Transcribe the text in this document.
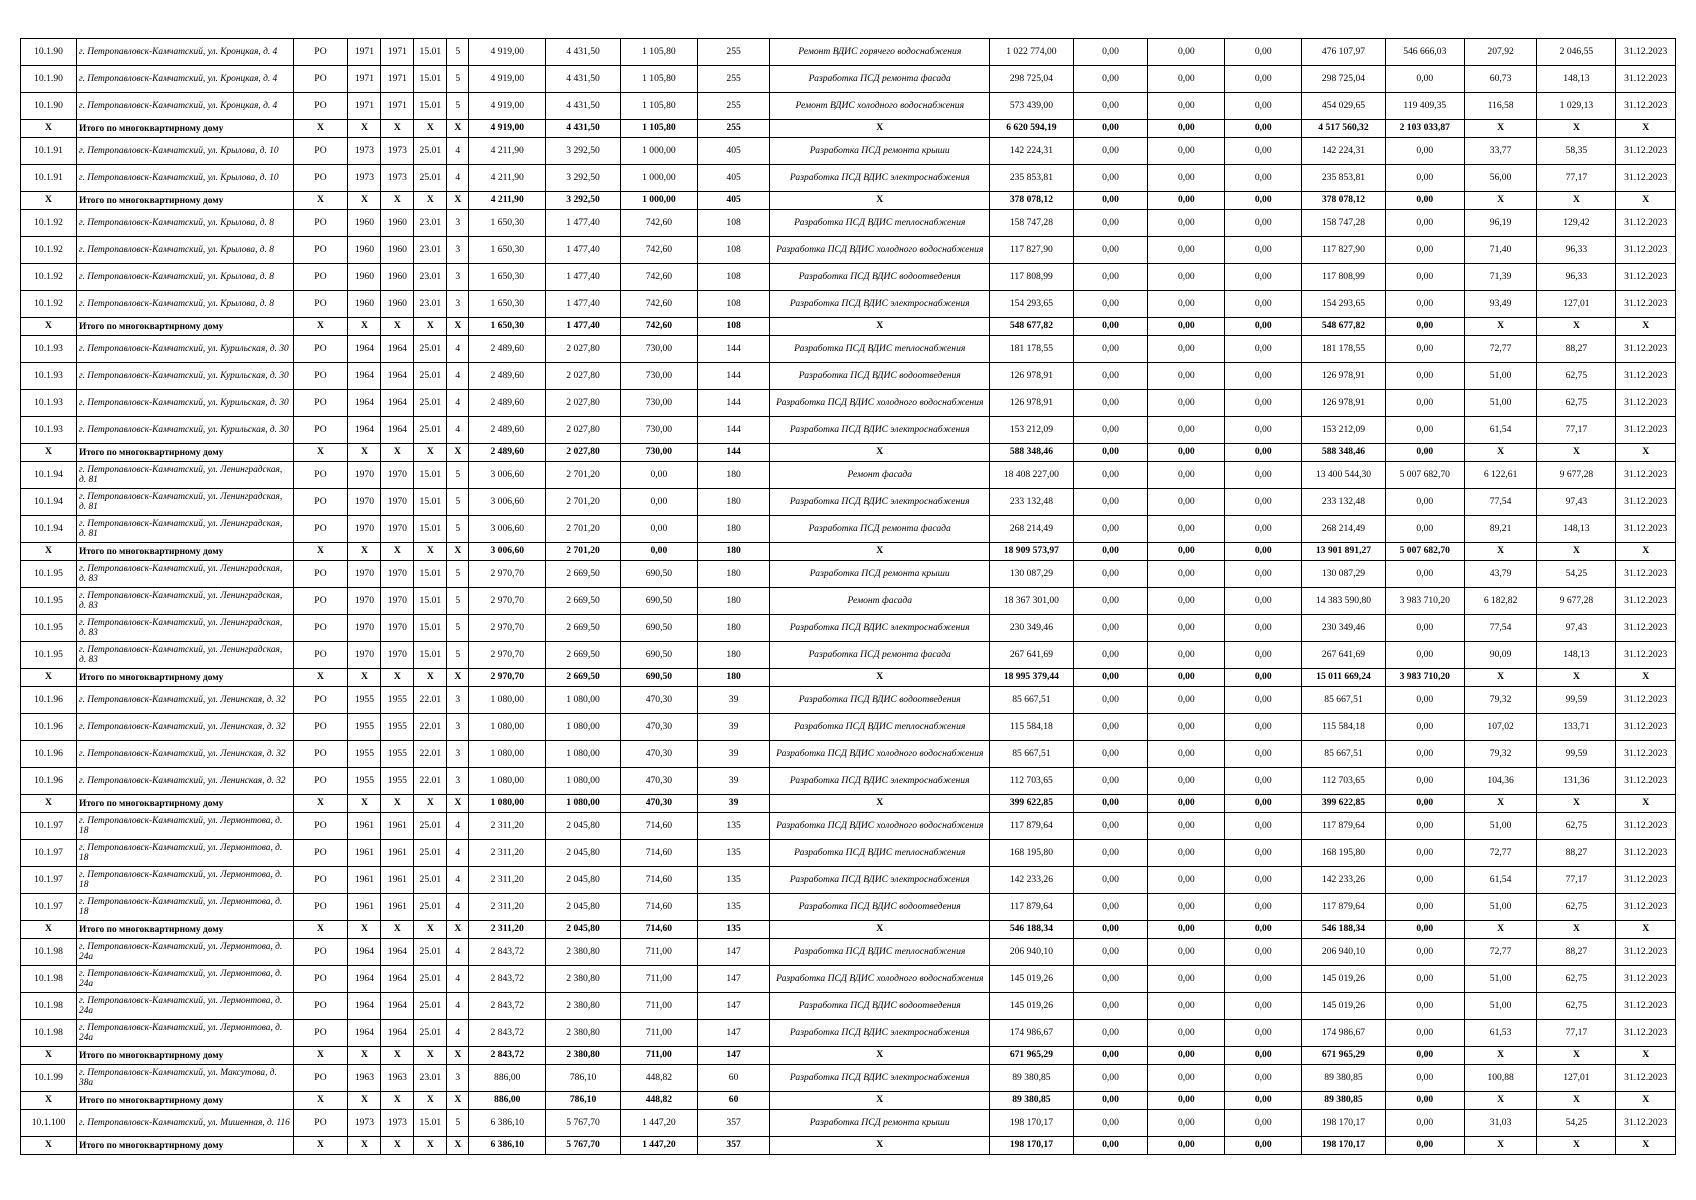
10.1.90	г. Петропавловск-Камчатский, ул. Кронцкая, д. 4	РО	1971	1971	15.01	5	4 919,00	4 431,50	1 105,80	255	Ремонт ВДИС горячего водоснабжения	1 022 774,00	0,00	0,00	0,00	476 107,97	546 666,03	207,92	2 046,55	31.12.2023
10.1.90	г. Петропавловск-Камчатский, ул. Кронцкая, д. 4	РО	1971	1971	15.01	5	4 919,00	4 431,50	1 105,80	255	Разработка ПСД ремонта фасада	298 725,04	0,00	0,00	0,00	298 725,04	0,00	60,73	148,13	31.12.2023
10.1.90	г. Петропавловск-Камчатский, ул. Кронцкая, д. 4	РО	1971	1971	15.01	5	4 919,00	4 431,50	1 105,80	255	Ремонт ВДИС холодного водоснабжения	573 439,00	0,00	0,00	0,00	454 029,65	119 409,35	116,58	1 029,13	31.12.2023
X	Итого по многоквартирному дому	X	X	X	X	X	4 919,00	4 431,50	1 105,80	255	X	6 620 594,19	0,00	0,00	0,00	4 517 560,32	2 103 033,87	X	X	X
10.1.91	г. Петропавловск-Камчатский, ул. Крылова, д. 10	РО	1973	1973	25.01	4	4 211,90	3 292,50	1 000,00	405	Разработка ПСД ремонта крыши	142 224,31	0,00	0,00	0,00	142 224,31	0,00	33,77	58,35	31.12.2023
10.1.91	г. Петропавловск-Камчатский, ул. Крылова, д. 10	РО	1973	1973	25.01	4	4 211,90	3 292,50	1 000,00	405	Разработка ПСД ВДИС электроснабжения	235 853,81	0,00	0,00	0,00	235 853,81	0,00	56,00	77,17	31.12.2023
X	Итого по многоквартирному дому	X	X	X	X	X	4 211,90	3 292,50	1 000,00	405	X	378 078,12	0,00	0,00	0,00	378 078,12	0,00	X	X	X
10.1.92	г. Петропавловск-Камчатский, ул. Крылова, д. 8	РО	1960	1960	23.01	3	1 650,30	1 477,40	742,60	108	Разработка ПСД ВДИС теплоснабжения	158 747,28	0,00	0,00	0,00	158 747,28	0,00	96,19	129,42	31.12.2023
10.1.92	г. Петропавловск-Камчатский, ул. Крылова, д. 8	РО	1960	1960	23.01	3	1 650,30	1 477,40	742,60	108	Разработка ПСД ВДИС холодного водоснабжения	117 827,90	0,00	0,00	0,00	117 827,90	0,00	71,40	96,33	31.12.2023
10.1.92	г. Петропавловск-Камчатский, ул. Крылова, д. 8	РО	1960	1960	23.01	3	1 650,30	1 477,40	742,60	108	Разработка ПСД ВДИС водоотведения	117 808,99	0,00	0,00	0,00	117 808,99	0,00	71,39	96,33	31.12.2023
10.1.92	г. Петропавловск-Камчатский, ул. Крылова, д. 8	РО	1960	1960	23.01	3	1 650,30	1 477,40	742,60	108	Разработка ПСД ВДИС электроснабжения	154 293,65	0,00	0,00	0,00	154 293,65	0,00	93,49	127,01	31.12.2023
X	Итого по многоквартирному дому	X	X	X	X	X	1 650,30	1 477,40	742,60	108	X	548 677,82	0,00	0,00	0,00	548 677,82	0,00	X	X	X
10.1.93	г. Петропавловск-Камчатский, ул. Курильская, д. 30	РО	1964	1964	25.01	4	2 489,60	2 027,80	730,00	144	Разработка ПСД ВДИС теплоснабжения	181 178,55	0,00	0,00	0,00	181 178,55	0,00	72,77	88,27	31.12.2023
10.1.93	г. Петропавловск-Камчатский, ул. Курильская, д. 30	РО	1964	1964	25.01	4	2 489,60	2 027,80	730,00	144	Разработка ПСД ВДИС водоотведения	126 978,91	0,00	0,00	0,00	126 978,91	0,00	51,00	62,75	31.12.2023
10.1.93	г. Петропавловск-Камчатский, ул. Курильская, д. 30	РО	1964	1964	25.01	4	2 489,60	2 027,80	730,00	144	Разработка ПСД ВДИС холодного водоснабжения	126 978,91	0,00	0,00	0,00	126 978,91	0,00	51,00	62,75	31.12.2023
10.1.93	г. Петропавловск-Камчатский, ул. Курильская, д. 30	РО	1964	1964	25.01	4	2 489,60	2 027,80	730,00	144	Разработка ПСД ВДИС электроснабжения	153 212,09	0,00	0,00	0,00	153 212,09	0,00	61,54	77,17	31.12.2023
X	Итого по многоквартирному дому	X	X	X	X	X	2 489,60	2 027,80	730,00	144	X	588 348,46	0,00	0,00	0,00	588 348,46	0,00	X	X	X
10.1.94	г. Петропавловск-Камчатский, ул. Ленинградская, д. 81	РО	1970	1970	15.01	5	3 006,60	2 701,20	0,00	180	Ремонт фасада	18 408 227,00	0,00	0,00	0,00	13 400 544,30	5 007 682,70	6 122,61	9 677,28	31.12.2023
10.1.94	г. Петропавловск-Камчатский, ул. Ленинградская, д. 81	РО	1970	1970	15.01	5	3 006,60	2 701,20	0,00	180	Разработка ПСД ВДИС электроснабжения	233 132,48	0,00	0,00	0,00	233 132,48	0,00	77,54	97,43	31.12.2023
10.1.94	г. Петропавловск-Камчатский, ул. Ленинградская, д. 81	РО	1970	1970	15.01	5	3 006,60	2 701,20	0,00	180	Разработка ПСД ремонта фасада	268 214,49	0,00	0,00	0,00	268 214,49	0,00	89,21	148,13	31.12.2023
X	Итого по многоквартирному дому	X	X	X	X	X	3 006,60	2 701,20	0,00	180	X	18 909 573,97	0,00	0,00	0,00	13 901 891,27	5 007 682,70	X	X	X
10.1.95	г. Петропавловск-Камчатский, ул. Ленинградская, д. 83	РО	1970	1970	15.01	5	2 970,70	2 669,50	690,50	180	Разработка ПСД ремонта крыши	130 087,29	0,00	0,00	0,00	130 087,29	0,00	43,79	54,25	31.12.2023
10.1.95	г. Петропавловск-Камчатский, ул. Ленинградская, д. 83	РО	1970	1970	15.01	5	2 970,70	2 669,50	690,50	180	Ремонт фасада	18 367 301,00	0,00	0,00	0,00	14 383 590,80	3 983 710,20	6 182,82	9 677,28	31.12.2023
10.1.95	г. Петропавловск-Камчатский, ул. Ленинградская, д. 83	РО	1970	1970	15.01	5	2 970,70	2 669,50	690,50	180	Разработка ПСД ВДИС электроснабжения	230 349,46	0,00	0,00	0,00	230 349,46	0,00	77,54	97,43	31.12.2023
10.1.95	г. Петропавловск-Камчатский, ул. Ленинградская, д. 83	РО	1970	1970	15.01	5	2 970,70	2 669,50	690,50	180	Разработка ПСД ремонта фасада	267 641,69	0,00	0,00	0,00	267 641,69	0,00	90,09	148,13	31.12.2023
X	Итого по многоквартирному дому	X	X	X	X	X	2 970,70	2 669,50	690,50	180	X	18 995 379,44	0,00	0,00	0,00	15 011 669,24	3 983 710,20	X	X	X
10.1.96	г. Петропавловск-Камчатский, ул. Ленинская, д. 32	РО	1955	1955	22.01	3	1 080,00	1 080,00	470,30	39	Разработка ПСД ВДИС водоотведения	85 667,51	0,00	0,00	0,00	85 667,51	0,00	79,32	99,59	31.12.2023
10.1.96	г. Петропавловск-Камчатский, ул. Ленинская, д. 32	РО	1955	1955	22.01	3	1 080,00	1 080,00	470,30	39	Разработка ПСД ВДИС теплоснабжения	115 584,18	0,00	0,00	0,00	115 584,18	0,00	107,02	133,71	31.12.2023
10.1.96	г. Петропавловск-Камчатский, ул. Ленинская, д. 32	РО	1955	1955	22.01	3	1 080,00	1 080,00	470,30	39	Разработка ПСД ВДИС холодного водоснабжения	85 667,51	0,00	0,00	0,00	85 667,51	0,00	79,32	99,59	31.12.2023
10.1.96	г. Петропавловск-Камчатский, ул. Ленинская, д. 32	РО	1955	1955	22.01	3	1 080,00	1 080,00	470,30	39	Разработка ПСД ВДИС электроснабжения	112 703,65	0,00	0,00	0,00	112 703,65	0,00	104,36	131,36	31.12.2023
X	Итого по многоквартирному дому	X	X	X	X	X	1 080,00	1 080,00	470,30	39	X	399 622,85	0,00	0,00	0,00	399 622,85	0,00	X	X	X
10.1.97	г. Петропавловск-Камчатский, ул. Лермонтова, д. 18	РО	1961	1961	25.01	4	2 311,20	2 045,80	714,60	135	Разработка ПСД ВДИС холодного водоснабжения	117 879,64	0,00	0,00	0,00	117 879,64	0,00	51,00	62,75	31.12.2023
10.1.97	г. Петропавловск-Камчатский, ул. Лермонтова, д. 18	РО	1961	1961	25.01	4	2 311,20	2 045,80	714,60	135	Разработка ПСД ВДИС теплоснабжения	168 195,80	0,00	0,00	0,00	168 195,80	0,00	72,77	88,27	31.12.2023
10.1.97	г. Петропавловск-Камчатский, ул. Лермонтова, д. 18	РО	1961	1961	25.01	4	2 311,20	2 045,80	714,60	135	Разработка ПСД ВДИС электроснабжения	142 233,26	0,00	0,00	0,00	142 233,26	0,00	61,54	77,17	31.12.2023
10.1.97	г. Петропавловск-Камчатский, ул. Лермонтова, д. 18	РО	1961	1961	25.01	4	2 311,20	2 045,80	714,60	135	Разработка ПСД ВДИС водоотведения	117 879,64	0,00	0,00	0,00	117 879,64	0,00	51,00	62,75	31.12.2023
X	Итого по многоквартирному дому	X	X	X	X	X	2 311,20	2 045,80	714,60	135	X	546 188,34	0,00	0,00	0,00	546 188,34	0,00	X	X	X
10.1.98	г. Петропавловск-Камчатский, ул. Лермонтова, д. 24а	РО	1964	1964	25.01	4	2 843,72	2 380,80	711,00	147	Разработка ПСД ВДИС теплоснабжения	206 940,10	0,00	0,00	0,00	206 940,10	0,00	72,77	88,27	31.12.2023
10.1.98	г. Петропавловск-Камчатский, ул. Лермонтова, д. 24а	РО	1964	1964	25.01	4	2 843,72	2 380,80	711,00	147	Разработка ПСД ВДИС холодного водоснабжения	145 019,26	0,00	0,00	0,00	145 019,26	0,00	51,00	62,75	31.12.2023
10.1.98	г. Петропавловск-Камчатский, ул. Лермонтова, д. 24а	РО	1964	1964	25.01	4	2 843,72	2 380,80	711,00	147	Разработка ПСД ВДИС водоотведения	145 019,26	0,00	0,00	0,00	145 019,26	0,00	51,00	62,75	31.12.2023
10.1.98	г. Петропавловск-Камчатский, ул. Лермонтова, д. 24а	РО	1964	1964	25.01	4	2 843,72	2 380,80	711,00	147	Разработка ПСД ВДИС электроснабжения	174 986,67	0,00	0,00	0,00	174 986,67	0,00	61,53	77,17	31.12.2023
X	Итого по многоквартирному дому	X	X	X	X	X	2 843,72	2 380,80	711,00	147	X	671 965,29	0,00	0,00	0,00	671 965,29	0,00	X	X	X
10.1.99	г. Петропавловск-Камчатский, ул. Максутова, д. 38а	РО	1963	1963	23.01	3	886,00	786,10	448,82	60	Разработка ПСД ВДИС электроснабжения	89 380,85	0,00	0,00	0,00	89 380,85	0,00	100,88	127,01	31.12.2023
X	Итого по многоквартирному дому	X	X	X	X	X	886,00	786,10	448,82	60	X	89 380,85	0,00	0,00	0,00	89 380,85	0,00	X	X	X
10.1.100	г. Петропавловск-Камчатский, ул. Мишенная, д. 116	РО	1973	1973	15.01	5	6 386,10	5 767,70	1 447,20	357	Разработка ПСД ремонта крыши	198 170,17	0,00	0,00	0,00	198 170,17	0,00	31,03	54,25	31.12.2023
X	Итого по многоквартирному дому	X	X	X	X	X	6 386,10	5 767,70	1 447,20	357	X	198 170,17	0,00	0,00	0,00	198 170,17	0,00	X	X	X
